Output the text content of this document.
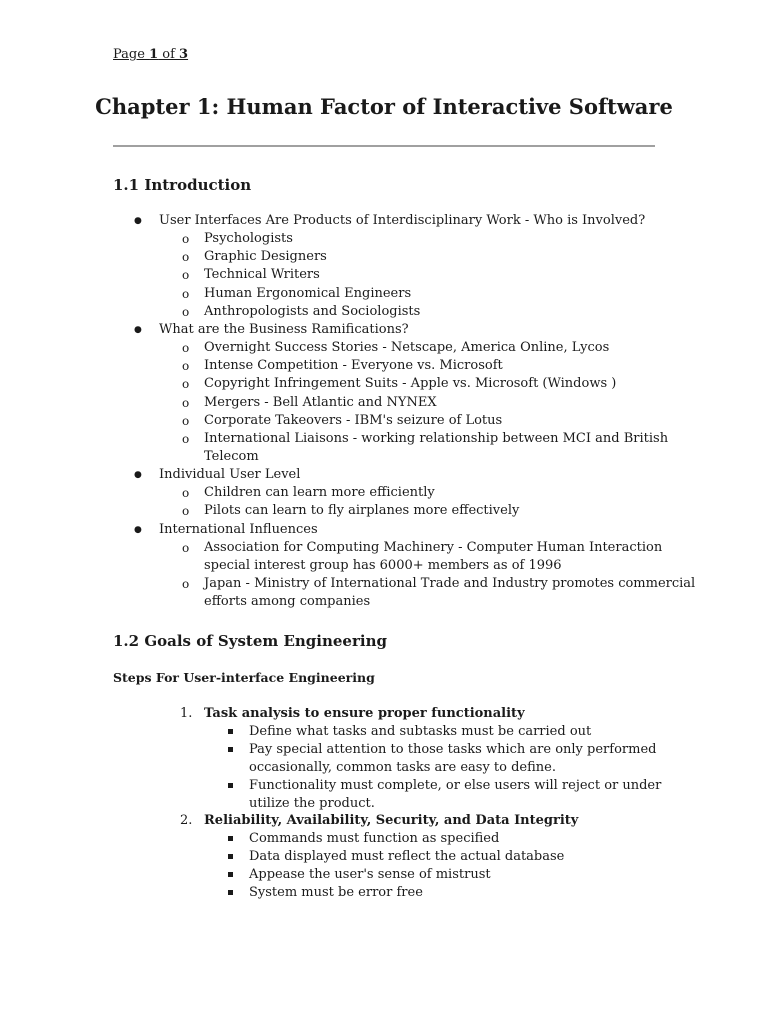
Page 1 of 3
Chapter 1: Human Factor of Interactive Software
1.1 Introduction
● User Interfaces Are Products of Interdisciplinary Work - Who is Involved?
o Psychologists
o Graphic Designers
o Technical Writers
o Human Ergonomical Engineers
o Anthropologists and Sociologists
● What are the Business Ramifications?
o Overnight Success Stories - Netscape, America Online, Lycos
o Intense Competition - Everyone vs. Microsoft
o Copyright Infringement Suits - Apple vs. Microsoft (Windows )
o Mergers - Bell Atlantic and NYNEX
o Corporate Takeovers - IBM's seizure of Lotus
o International Liaisons - working relationship between MCI and British
Telecom
● Individual User Level
o Children can learn more efficiently
o Pilots can learn to fly airplanes more effectively
● International Influences
o Association for Computing Machinery - Computer Human Interaction
special interest group has 6000+ members as of 1996
o Japan - Ministry of International Trade and Industry promotes commercial
efforts among companies
1.2 Goals of System Engineering
Steps For User-interface Engineering
1. Task analysis to ensure proper functionality
Define what tasks and subtasks must be carried out
Pay special attention to those tasks which are only performed
occasionally, common tasks are easy to define.
Functionality must complete, or else users will reject or under
utilize the product.
2. Reliability, Availability, Security, and Data Integrity
Commands must function as specified
Data displayed must reflect the actual database
Appease the user's sense of mistrust
System must be error free
